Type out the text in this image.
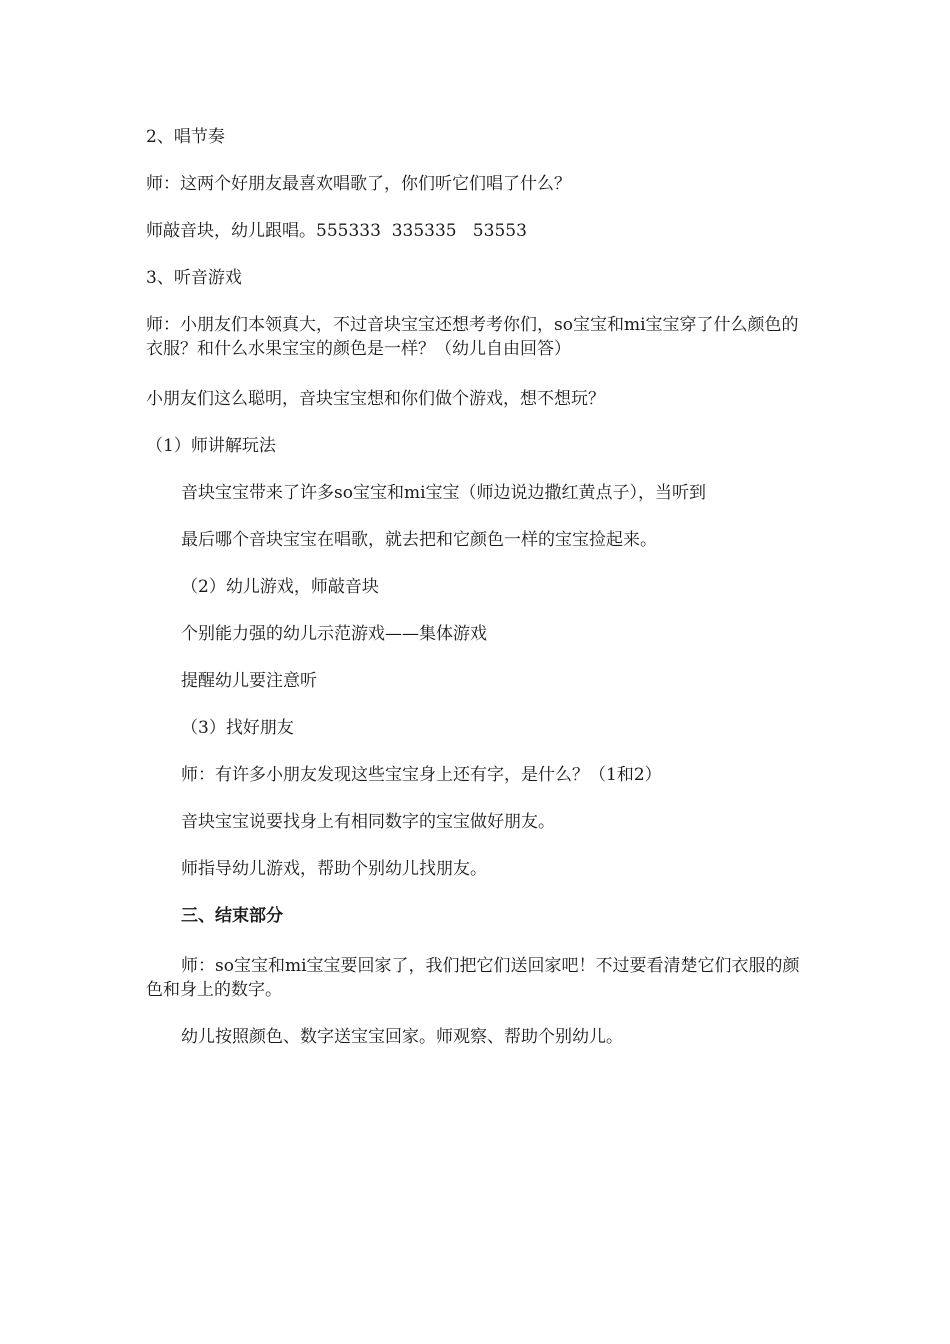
2、唱节奏
师：这两个好朋友最喜欢唱歌了，你们听它们唱了什么？
师敲音块，幼儿跟唱。555333  335335   53553
3、听音游戏
师：小朋友们本领真大，不过音块宝宝还想考考你们，so宝宝和mi宝宝穿了什么颜色的衣服？和什么水果宝宝的颜色是一样？（幼儿自由回答）
小朋友们这么聪明，音块宝宝想和你们做个游戏，想不想玩？
（1）师讲解玩法
音块宝宝带来了许多so宝宝和mi宝宝（师边说边撒红黄点子），当听到
最后哪个音块宝宝在唱歌，就去把和它颜色一样的宝宝捡起来。
（2）幼儿游戏，师敲音块
个别能力强的幼儿示范游戏——集体游戏
提醒幼儿要注意听
（3）找好朋友
师：有许多小朋友发现这些宝宝身上还有字，是什么？（1和2）
音块宝宝说要找身上有相同数字的宝宝做好朋友。
师指导幼儿游戏，帮助个别幼儿找朋友。
三、结束部分
师：so宝宝和mi宝宝要回家了，我们把它们送回家吧！不过要看清楚它们衣服的颜色和身上的数字。
幼儿按照颜色、数字送宝宝回家。师观察、帮助个别幼儿。
